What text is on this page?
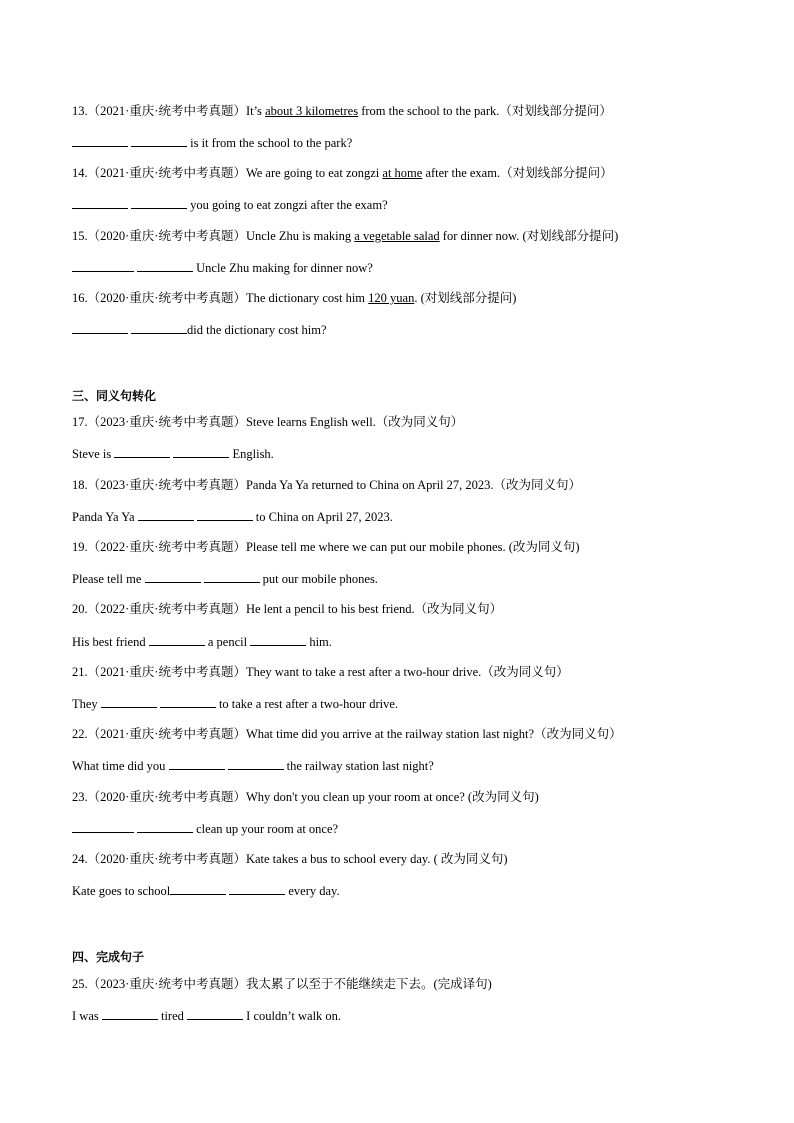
13.（2021·重庆·统考中考真题）It’s about 3 kilometres from the school to the park.（对划线部分提问）
is it from the school to the park?
14.（2021·重庆·统考中考真题）We are going to eat zongzi at home after the exam.（对划线部分提问）
you going to eat zongzi after the exam?
15.（2020·重庆·统考中考真题）Uncle Zhu is making a vegetable salad for dinner now. (对划线部分提问)
Uncle Zhu making for dinner now?
16.（2020·重庆·统考中考真题）The dictionary cost him 120 yuan. (对划线部分提问)
did the dictionary cost him?
三、同义句转化
17.（2023·重庆·统考中考真题）Steve learns English well.（改为同义句）
Steve is	English.
18.（2023·重庆·统考中考真题）Panda Ya Ya returned to China on April 27, 2023.（改为同义句）
Panda Ya Ya	to China on April 27, 2023.
19.（2022·重庆·统考中考真题）Please tell me where we can put our mobile phones. (改为同义句)
Please tell me	put our mobile phones.
20.（2022·重庆·统考中考真题）He lent a pencil to his best friend.（改为同义句）
His best friend	a pencil	him.
21.（2021·重庆·统考中考真题）They want to take a rest after a two-hour drive.（改为同义句）
They	to take a rest after a two-hour drive.
22.（2021·重庆·统考中考真题）What time did you arrive at the railway station last night?（改为同义句）
What time did you	the railway station last night?
23.（2020·重庆·统考中考真题）Why don't you clean up your room at once? (改为同义句)
clean up your room at once?
24.（2020·重庆·统考中考真题）Kate takes a bus to school every day. ( 改为同义句)
Kate goes to school	every day.
四、完成句子
25.（2023·重庆·统考中考真题）我太累了以至于不能继续走下去。(完成译句)
I was	tired	I couldn’t walk on.
